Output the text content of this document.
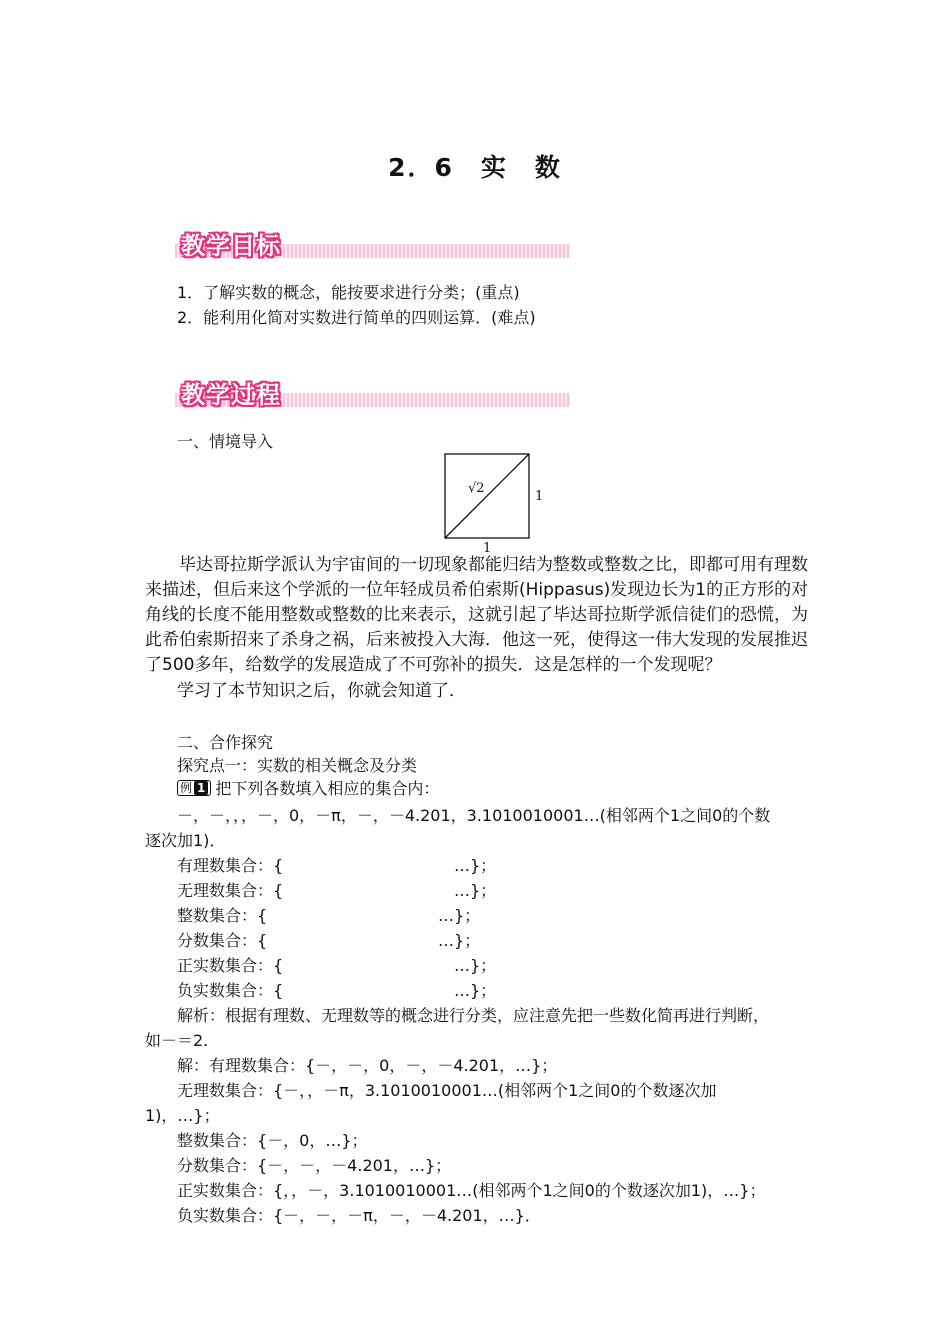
2．6　实　数
教学目标
1．了解实数的概念，能按要求进行分类；(重点)
2．能利用化简对实数进行简单的四则运算．(难点)
教学过程
一、情境导入
√2
1
1
毕达哥拉斯学派认为宇宙间的一切现象都能归结为整数或整数之比，即都可用有理数来描述，但后来这个学派的一位年轻成员希伯索斯(Hippasus)发现边长为1的正方形的对角线的长度不能用整数或整数的比来表示，这就引起了毕达哥拉斯学派信徒们的恐慌，为此希伯索斯招来了杀身之祸，后来被投入大海．他这一死，使得这一伟大发现的发展推迟了500多年，给数学的发展造成了不可弥补的损失．这是怎样的一个发现呢？
学习了本节知识之后，你就会知道了．
二、合作探究
探究点一：实数的相关概念及分类
例 1 把下列各数填入相应的集合内：
－，－，，，－，0，－π，－，－4.201，3.1010010001…(相邻两个1之间0的个数
逐次加1)．
有理数集合：{	…}；
无理数集合：{	…}；
整数集合：{	…}；
分数集合：{	…}；
正实数集合：{	…}；
负实数集合：{	…}；
解析：根据有理数、无理数等的概念进行分类，应注意先把一些数化简再进行判断，
如－＝2.
解：有理数集合：{－，－，0，－，－4.201，…}；
无理数集合：{－，，－π，3.1010010001…(相邻两个1之间0的个数逐次加
1)，…}；
整数集合：{－，0，…}；
分数集合：{－，－，－4.201，…}；
正实数集合：{，，－，3.1010010001…(相邻两个1之间0的个数逐次加1)，…}；
负实数集合：{－，－，－π，－，－4.201，…}．
